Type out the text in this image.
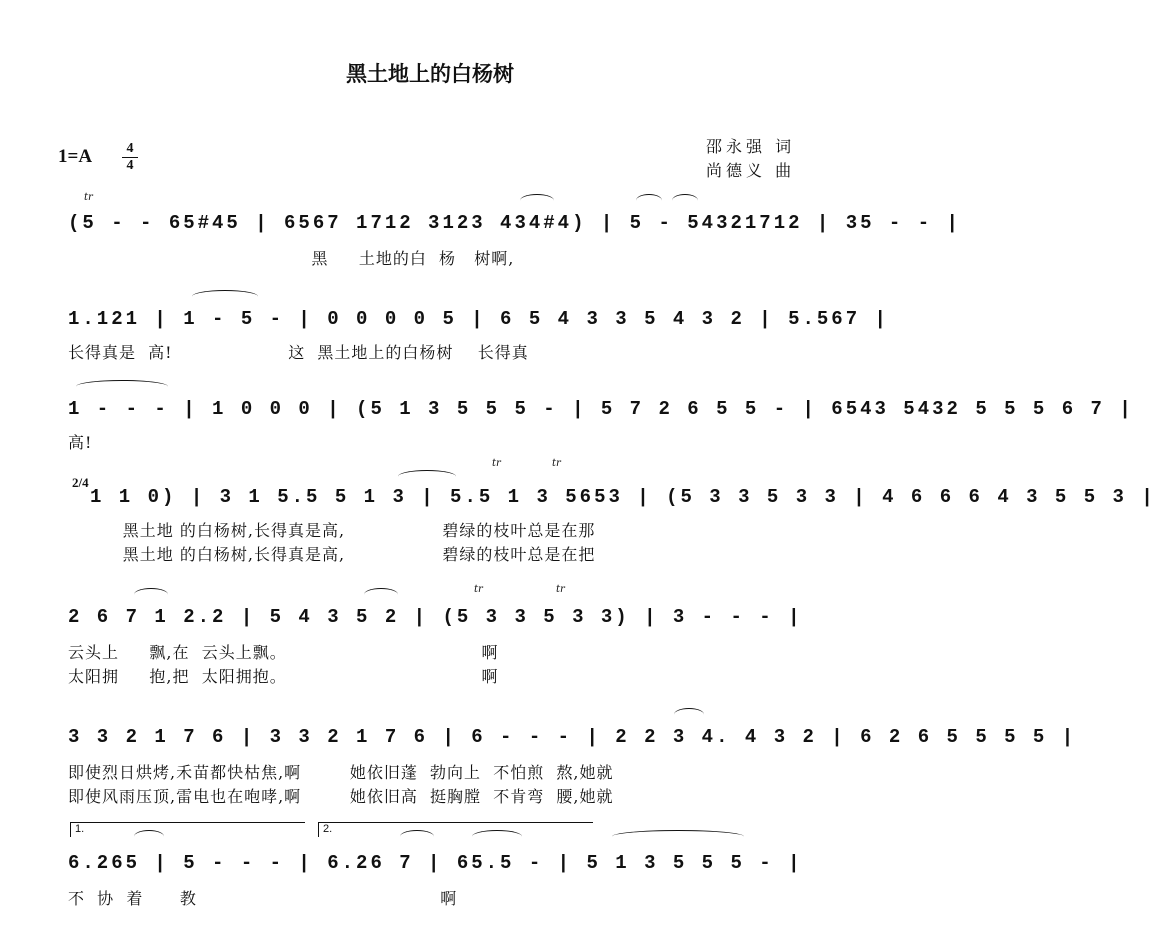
黑土地上的白杨树
1=A	4
4
邵永强 词
尚德义 曲
tr
(5 - - 65#45 | 6567 1712 3123 434#4) | 5 - 54321712 | 35 - - |
黑     土地的白  杨   树啊,
1.121 | 1 - 5 - | 0 0 0 0 5 | 6 5 4 3 3 5 4 3 2 | 5.567 |
长得真是  高!                   这  黑土地上的白杨树    长得真
1 - - - | 1 0 0 0 | (5 1 3 5 5 5 - | 5 7 2 6 5 5 - | 6543 5432 5 5 5 6 7 |
高!
tr	tr
2/4
1 1 0) | 3 1 5.5 5 1 3 | 5.5 1 3 5653 | (5 3 3 5 3 3 | 4 6 6 6 4 3 5 5 3 |
黑土地 的白杨树,长得真是高,                碧绿的枝叶总是在那
黑土地 的白杨树,长得真是高,                碧绿的枝叶总是在把
tr	tr
2 6 7 1 2.2 | 5 4 3 5 2 | (5 3 3 5 3 3) | 3 - - - |
云头上     飘,在  云头上飘。                                啊
太阳拥     抱,把  太阳拥抱。                                啊
3 3 2 1 7 6 | 3 3 2 1 7 6 | 6 - - - | 2 2 3 4. 4 3 2 | 6 2 6 5 5 5 5 |
即使烈日烘烤,禾苗都快枯焦,啊        她依旧蓬  勃向上  不怕煎  熬,她就
即使风雨压顶,雷电也在咆哮,啊        她依旧高  挺胸膛  不肯弯  腰,她就
1.	2.
6.265 | 5 - - - | 6.26 7 | 65.5 - | 5 1 3 5 5 5 - |
不  协  着      教                                        啊
